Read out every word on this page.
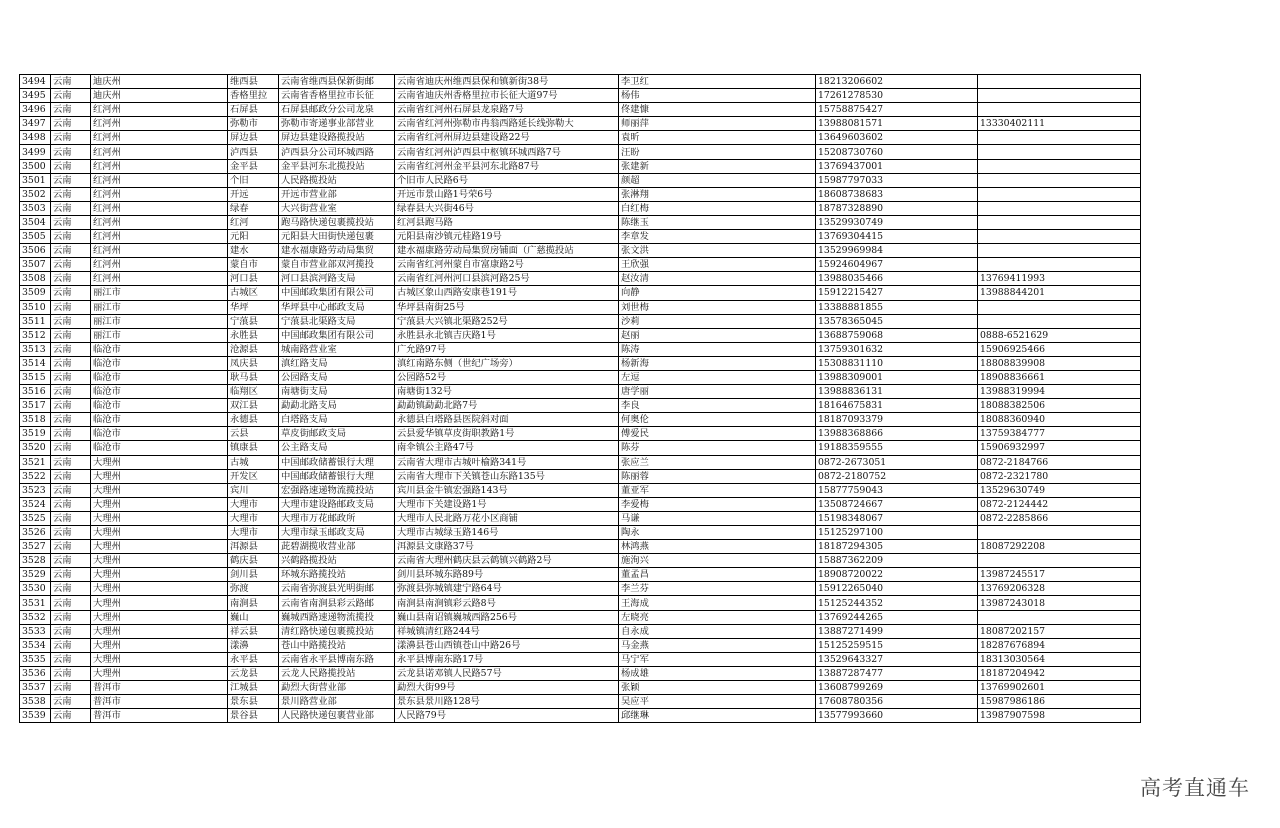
3494	云南	迪庆州	维西县	云南省维西县保新街邮	云南省迪庆州维西县保和镇新街38号	李卫红	18213206602	
3495	云南	迪庆州	香格里拉	云南省香格里拉市长征	云南省迪庆州香格里拉市长征大道97号	杨伟	17261278530	
3496	云南	红河州	石屏县	石屏县邮政分公司龙泉	云南省红河州石屏县龙泉路7号	佟建慷	15758875427	
3497	云南	红河州	弥勒市	弥勒市寄递事业部营业	云南省红河州弥勒市冉翁西路延长线弥勒大	师丽萍	13988081571	13330402111
3498	云南	红河州	屏边县	屏边县建设路揽投站	云南省红河州屏边县建设路22号	袁昕	13649603602	
3499	云南	红河州	泸西县	泸西县分公司环城西路	云南省红河州泸西县中枢镇环城西路7号	汪盼	15208730760	
3500	云南	红河州	金平县	金平县河东北揽投站	云南省红河州金平县河东北路87号	张建新	13769437001	
3501	云南	红河州	个旧	人民路揽投站	个旧市人民路6号	颜超	15987797033	
3502	云南	红河州	开远	开远市营业部	开远市景山路1号荣6号	张淋翔	18608738683	
3503	云南	红河州	绿春	大兴街营业室	绿春县大兴街46号	白红梅	18787328890	
3504	云南	红河州	红河	跑马路快递包裹揽投站	红河县跑马路	陈继玉	13529930749	
3505	云南	红河州	元阳	元阳县大田街快递包裹	元阳县南沙镇元桂路19号	李章发	13769304415	
3506	云南	红河州	建水	建水福康路劳动局集贸	建水福康路劳动局集贸房铺面（广慈揽投站	张文洪	13529969984	
3507	云南	红河州	蒙自市	蒙自市营业部双河揽投	云南省红河州蒙自市富康路2号	王欣强	15924604967	
3508	云南	红河州	河口县	河口县滨河路支局	云南省红河州河口县滨河路25号	赵汝清	13988035466	13769411993
3509	云南	丽江市	古城区	中国邮政集团有限公司	古城区象山西路安康巷191号	向静	15912215427	13988844201
3510	云南	丽江市	华坪	华坪县中心邮政支局	华坪县南街25号	刘世梅	13388881855	
3511	云南	丽江市	宁蒗县	宁蒗县北渠路支局	宁蒗县大兴镇北渠路252号	沙莉	13578365045	
3512	云南	丽江市	永胜县	中国邮政集团有限公司	永胜县永北镇吉庆路1号	赵丽	13688759068	0888-6521629
3513	云南	临沧市	沧源县	城南路营业室	广允路97号	陈涛	13759301632	15906925466
3514	云南	临沧市	凤庆县	滇红路支局	滇红南路东侧（世纪广场旁）	杨新海	15308831110	18808839908
3515	云南	临沧市	耿马县	公园路支局	公园路52号	左逗	13988309001	18908836661
3516	云南	临沧市	临翔区	南塘街支局	南塘街132号	唐学丽	13988836131	13988319994
3517	云南	临沧市	双江县	勐勐北路支局	勐勐镇勐勐北路7号	李良	18164675831	18088382506
3518	云南	临沧市	永德县	白塔路支局	永德县白塔路县医院斜对面	何奥伦	18187093379	18088360940
3519	云南	临沧市	云县	草皮街邮政支局	云县爱华镇草皮街职教路1号	傅爱民	13988368866	13759384777
3520	云南	临沧市	镇康县	公主路支局	南伞镇公主路47号	陈芬	19188359555	15906932997
3521	云南	大理州	古城	中国邮政储蓄银行大理	云南省大理市古城叶榆路341号	张应兰	0872-2673051	0872-2184766
3522	云南	大理州	开发区	中国邮政储蓄银行大理	云南省大理市下关镇苍山东路135号	陈丽蓉	0872-2180752	0872-2321780
3523	云南	大理州	宾川	宏强路速递物流揽投站	宾川县金牛镇宏强路143号	董亚军	15877759043	13529630749
3524	云南	大理州	大理市	大理市建设路邮政支局	大理市下关建设路1号	李爱梅	13508724667	0872-2124442
3525	云南	大理州	大理市	大理市万花邮政所	大理市人民北路万花小区商铺	马谦	15198348067	0872-2285866
3526	云南	大理州	大理市	大理市绿玉邮政支局	大理市古城绿玉路146号	陶永	15125297100	
3527	云南	大理州	洱源县	茈碧湖揽收营业部	洱源县文康路37号	林鸿燕	18187294305	18087292208
3528	云南	大理州	鹤庆县	兴鹤路揽投站	云南省大理州鹤庆县云鹤镇兴鹤路2号	施洵兴	15887362209	
3529	云南	大理州	剑川县	环城东路揽投站	剑川县环城东路89号	董孟昌	18908720022	13987245517
3530	云南	大理州	弥渡	云南省弥渡县光明街邮	弥渡县弥城镇建宁路64号	李兰芬	15912265040	13769206328
3531	云南	大理州	南涧县	云南省南涧县彩云路邮	南涧县南涧镇彩云路8号	王海成	15125244352	13987243018
3532	云南	大理州	巍山	巍城西路速递物流揽投	巍山县南诏镇巍城西路256号	左晓亮	13769244265	
3533	云南	大理州	祥云县	清红路快递包裹揽投站	祥城镇清红路244号	自永成	13887271499	18087202157
3534	云南	大理州	漾濞	苍山中路揽投站	漾濞县苍山西镇苍山中路26号	马金燕	15125259515	18287676894
3535	云南	大理州	永平县	云南省永平县博南东路	永平县博南东路17号	马宁军	13529643327	18313030564
3536	云南	大理州	云龙县	云龙人民路揽投站	云龙县诺邓镇人民路57号	杨成雄	13887287477	18187204942
3537	云南	普洱市	江城县	勐烈大街营业部	勐烈大街99号	张颖	13608799269	13769902601
3538	云南	普洱市	景东县	景川路营业部	景东县景川路128号	吴应平	17608780356	15987986186
3539	云南	普洱市	景谷县	人民路快递包裹营业部	人民路79号	邱继琳	13577993660	13987907598
高考直通车
